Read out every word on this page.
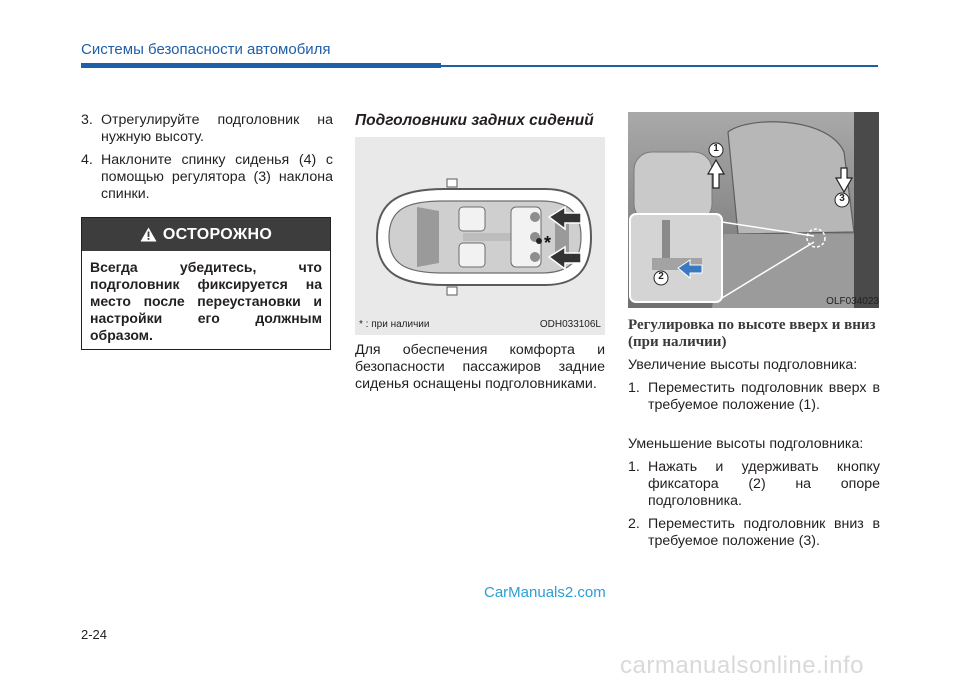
Системы безопасности автомобиля
3. Отрегулируйте подголовник на нужную высоту.
4. Наклоните спинку сиденья (4) с помощью регулятора (3) наклона спинки.
ОСТОРОЖНО
Всегда убедитесь, что подголовник фиксируется на место после переустановки и настройки его должным образом.
Подголовники задних сидений
* : при наличии	ODH033106L
*
Для обеспечения комфорта и безопасности пассажиров задние сиденья оснащены подголовниками.
1
3
2
OLF034023
Регулировка по высоте вверх и вниз (при наличии)
Увеличение высоты подголовника:
1. Переместить подголовник вверх в требуемое положение (1).
Уменьшение высоты подголовника:
1. Нажать и удерживать кнопку фиксатора (2) на опоре подголовника.
2. Переместить подголовник вниз в требуемое положение (3).
CarManuals2.com
2-24
carmanualsonline.info
